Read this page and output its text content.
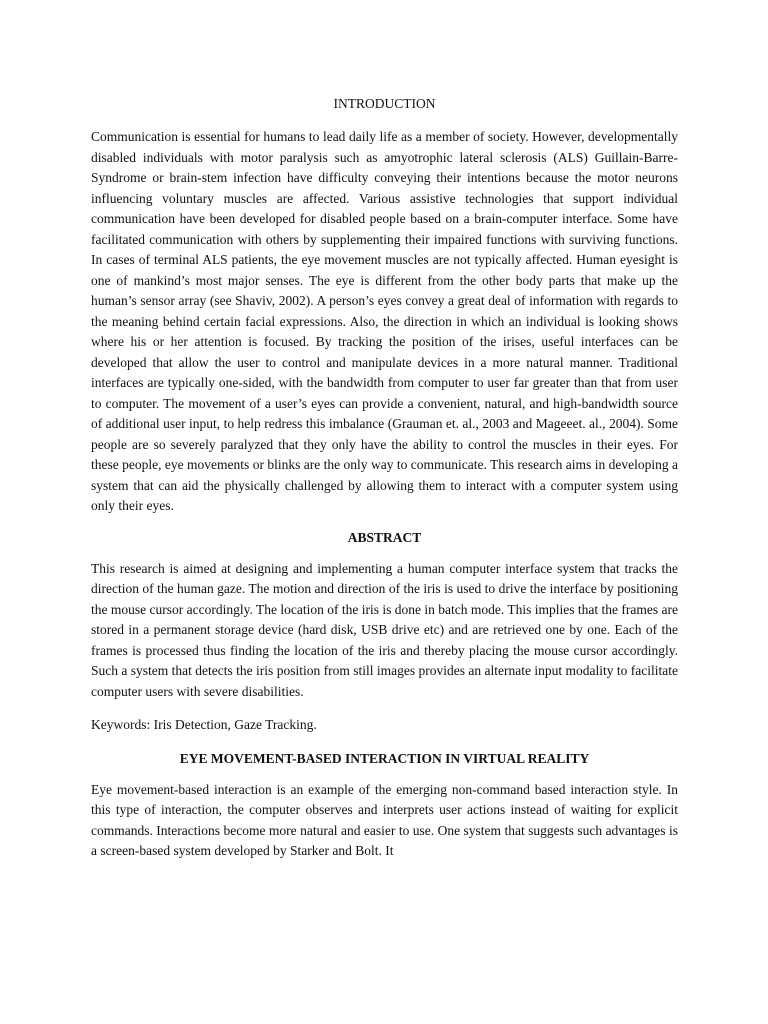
INTRODUCTION

Communication is essential for humans to lead daily life as a member of society. However, developmentally disabled individuals with motor paralysis such as amyotrophic lateral sclerosis (ALS) Guillain-Barre-Syndrome or brain-stem infection have difficulty conveying their intentions because the motor neurons influencing voluntary muscles are affected. Various assistive technologies that support individual communication have been developed for disabled people based on a brain-computer interface. Some have facilitated communication with others by supplementing their impaired functions with surviving functions. In cases of terminal ALS patients, the eye movement muscles are not typically affected. Human eyesight is one of mankind’s most major senses. The eye is different from the other body parts that make up the human’s sensor array (see Shaviv, 2002). A person’s eyes convey a great deal of information with regards to the meaning behind certain facial expressions. Also, the direction in which an individual is looking shows where his or her attention is focused. By tracking the position of the irises, useful interfaces can be developed that allow the user to control and manipulate devices in a more natural manner. Traditional interfaces are typically one-sided, with the bandwidth from computer to user far greater than that from user to computer. The movement of a user’s eyes can provide a convenient, natural, and high-bandwidth source of additional user input, to help redress this imbalance (Grauman et. al., 2003 and Mageeet. al., 2004). Some people are so severely paralyzed that they only have the ability to control the muscles in their eyes. For these people, eye movements or blinks are the only way to communicate. This research aims in developing a system that can aid the physically challenged by allowing them to interact with a computer system using only their eyes.

ABSTRACT

This research is aimed at designing and implementing a human computer interface system that tracks the direction of the human gaze. The motion and direction of the iris is used to drive the interface by positioning the mouse cursor accordingly. The location of the iris is done in batch mode. This implies that the frames are stored in a permanent storage device (hard disk, USB drive etc) and are retrieved one by one. Each of the frames is processed thus finding the location of the iris and thereby placing the mouse cursor accordingly. Such a system that detects the iris position from still images provides an alternate input modality to facilitate computer users with severe disabilities.

Keywords: Iris Detection, Gaze Tracking.

EYE MOVEMENT-BASED INTERACTION IN VIRTUAL REALITY

Eye movement-based interaction is an example of the emerging non-command based interaction style. In this type of interaction, the computer observes and interprets user actions instead of waiting for explicit commands. Interactions become more natural and easier to use. One system that suggests such advantages is a screen-based system developed by Starker and Bolt. It
